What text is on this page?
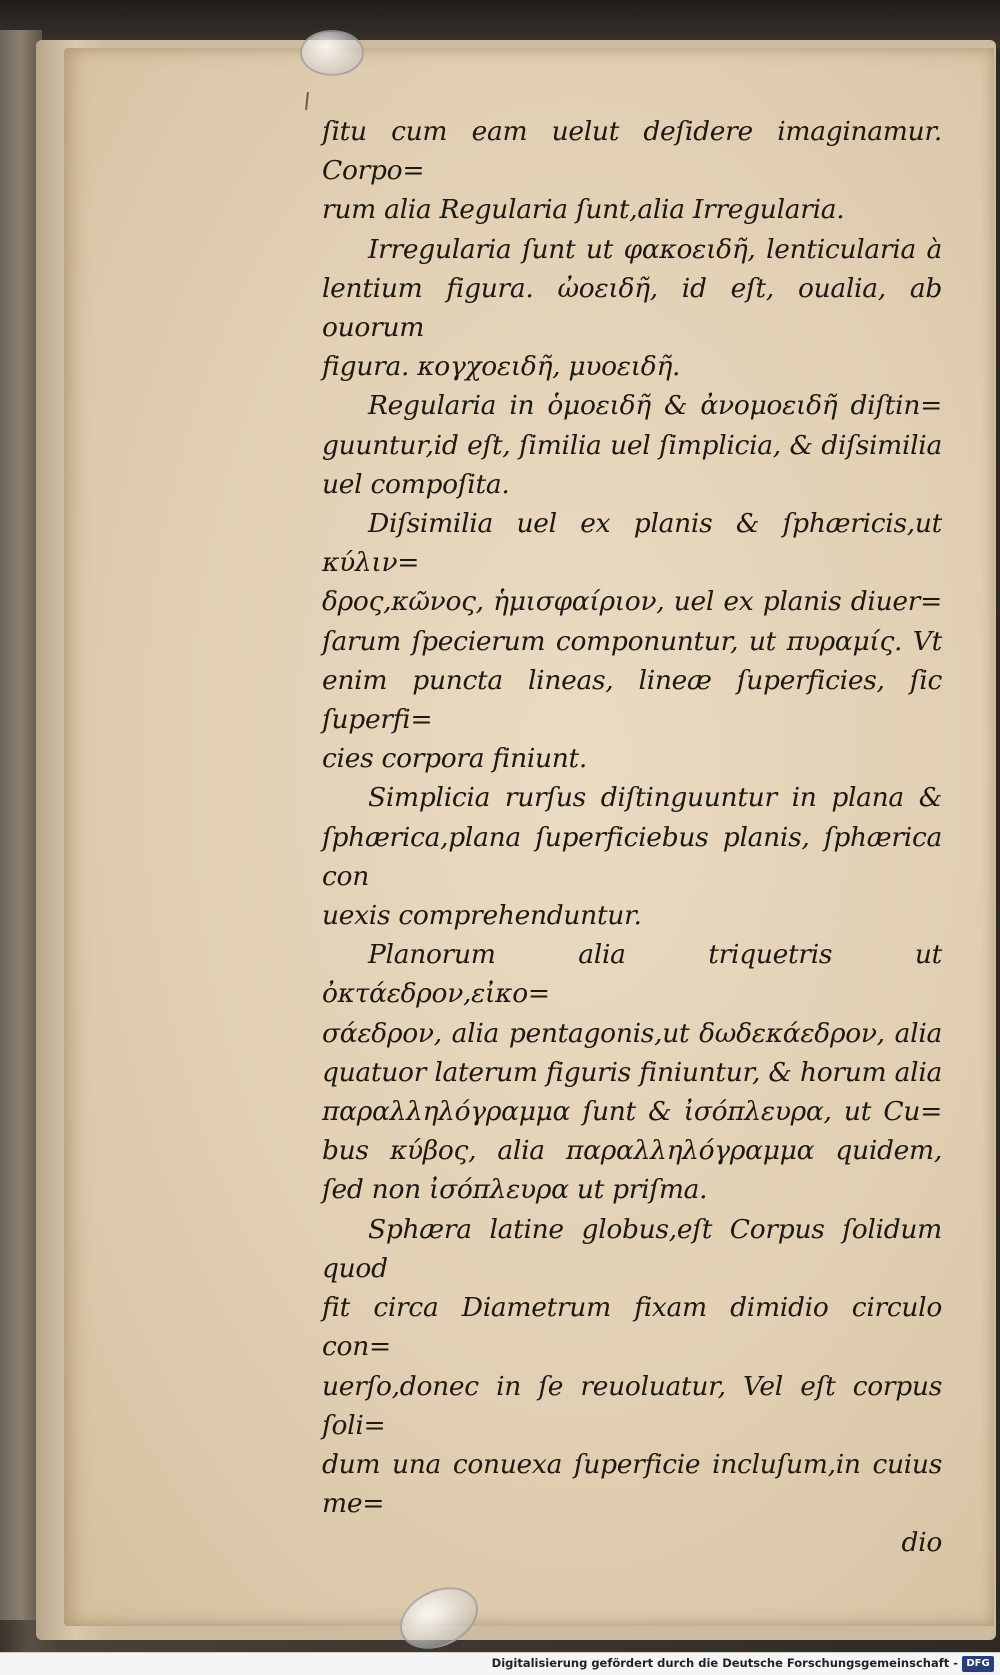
ſitu cum eam uelut deſidere imaginamur. Corpo=
rum alia Regularia ſunt,alia Irregularia.

Irregularia ſunt ut φακοειδῆ, lenticularia à
lentium figura. ὠοειδῆ, id eſt, oualia, ab ouorum
figura. κογχοειδῆ, μυοειδῆ.

Regularia in ὁμοειδῆ & ἀνομοειδῆ diſtin=
guuntur,id eſt, ſimilia uel ſimplicia, & diſsimilia
uel compoſita.

Diſsimilia uel ex planis & ſphæricis,ut κύλιν=
δρος,κῶνος, ἡμισφαίριον, uel ex planis diuer=
ſarum ſpecierum componuntur, ut πυραμίς. Vt
enim puncta lineas, lineæ ſuperficies, ſic ſuperfi=
cies corpora finiunt.

Simplicia rurſus diſtinguuntur in plana &
ſphærica,plana ſuperficiebus planis, ſphærica con
uexis comprehenduntur.

Planorum alia triquetris ut ὀκτάεδρον,εἰκο=
σάεδρον, alia pentagonis,ut δωδεκάεδρον, alia
quatuor laterum figuris finiuntur, & horum alia
παραλληλόγραμμα ſunt & ἰσόπλευρα, ut Cu=
bus κύβος, alia παραλληλόγραμμα quidem,
ſed non ἰσόπλευρα ut priſma.

Sphæra latine globus,eſt Corpus ſolidum quod
fit circa Diametrum fixam dimidio circulo con=
uerſo,donec in ſe reuoluatur, Vel eſt corpus ſoli=
dum una conuexa ſuperficie incluſum,in cuius me=

dio

Digitalisierung gefördert durch die Deutsche Forschungsgemeinschaft - DFG
